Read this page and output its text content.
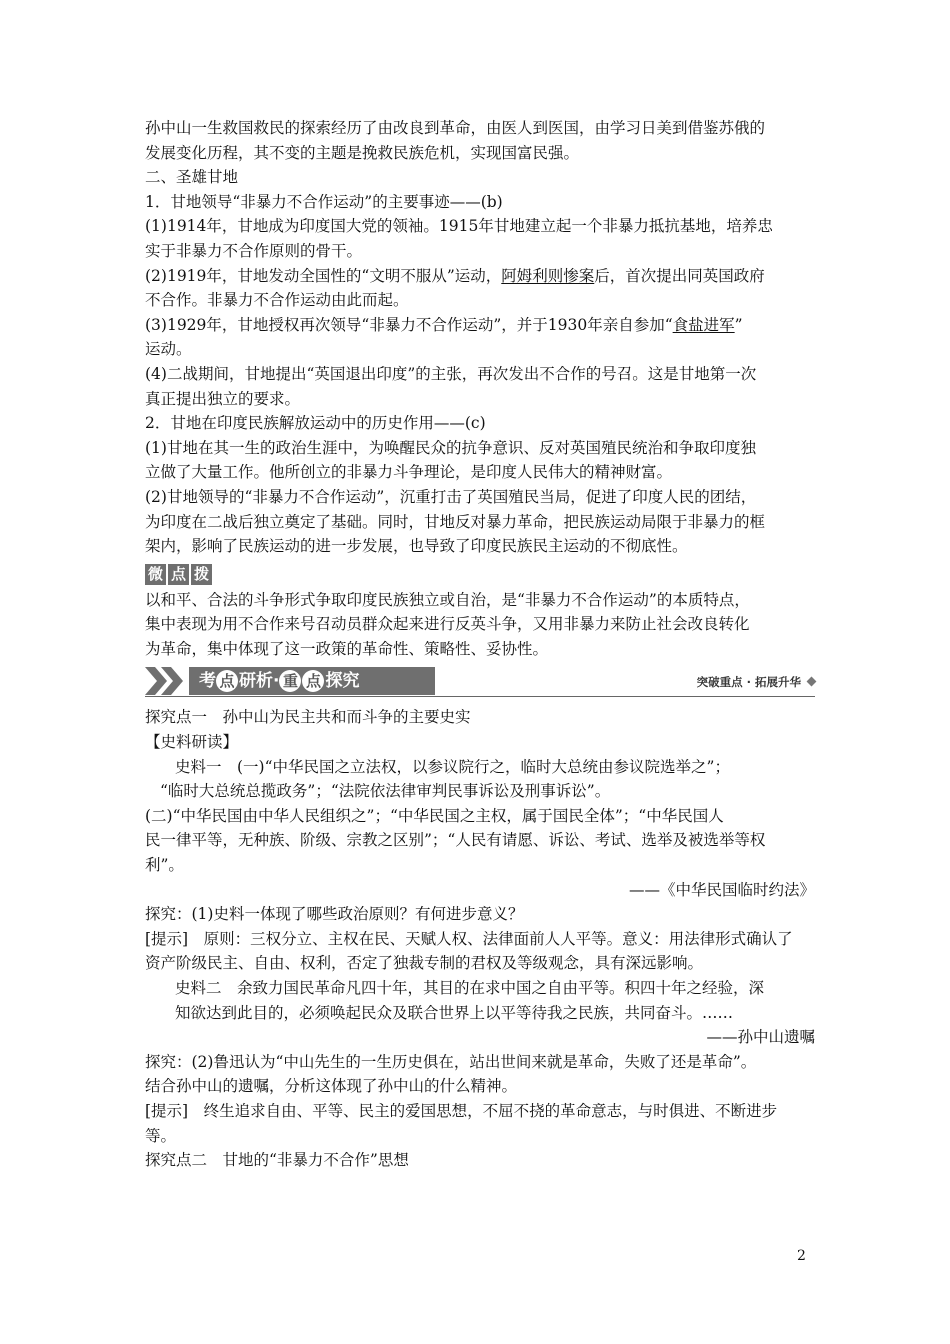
孙中山一生救国救民的探索经历了由改良到革命，由医人到医国，由学习日美到借鉴苏俄的

发展变化历程，其不变的主题是挽救民族危机，实现国富民强。

二、圣雄甘地

1．甘地领导“非暴力不合作运动”的主要事迹——(b)

(1)1914年，甘地成为印度国大党的领袖。1915年甘地建立起一个非暴力抵抗基地，培养忠

实于非暴力不合作原则的骨干。

(2)1919年，甘地发动全国性的“文明不服从”运动，阿姆利则惨案后，首次提出同英国政府

不合作。非暴力不合作运动由此而起。

(3)1929年，甘地授权再次领导“非暴力不合作运动”，并于1930年亲自参加“食盐进军”

运动。

(4)二战期间，甘地提出“英国退出印度”的主张，再次发出不合作的号召。这是甘地第一次

真正提出独立的要求。

2．甘地在印度民族解放运动中的历史作用——(c)

(1)甘地在其一生的政治生涯中，为唤醒民众的抗争意识、反对英国殖民统治和争取印度独

立做了大量工作。他所创立的非暴力斗争理论，是印度人民伟大的精神财富。

(2)甘地领导的“非暴力不合作运动”，沉重打击了英国殖民当局，促进了印度人民的团结，

为印度在二战后独立奠定了基础。同时，甘地反对暴力革命，把民族运动局限于非暴力的框

架内，影响了民族运动的进一步发展，也导致了印度民族民主运动的不彻底性。

微 点 拨

以和平、合法的斗争形式争取印度民族独立或自治，是“非暴力不合作运动”的本质特点，

集中表现为用不合作来号召动员群众起来进行反英斗争，又用非暴力来防止社会改良转化

为革命，集中体现了这一政策的革命性、策略性、妥协性。

考 点 研析· 重 点 探究	突破重点 · 拓展升华

探究点一　孙中山为民主共和而斗争的主要史实

【史料研读】

史料一　(一)“中华民国之立法权，以参议院行之，临时大总统由参议院选举之”；

“临时大总统总揽政务”；“法院依法律审判民事诉讼及刑事诉讼”。

(二)“中华民国由中华人民组织之”；“中华民国之主权，属于国民全体”；“中华民国人

民一律平等，无种族、阶级、宗教之区别”；“人民有请愿、诉讼、考试、选举及被选举等权

利”。

——《中华民国临时约法》

探究：(1)史料一体现了哪些政治原则？有何进步意义？

[提示]　原则：三权分立、主权在民、天赋人权、法律面前人人平等。意义：用法律形式确认了

资产阶级民主、自由、权利，否定了独裁专制的君权及等级观念，具有深远影响。

史料二　余致力国民革命凡四十年，其目的在求中国之自由平等。积四十年之经验，深

知欲达到此目的，必须唤起民众及联合世界上以平等待我之民族，共同奋斗。……

——孙中山遗嘱

探究：(2)鲁迅认为“中山先生的一生历史俱在，站出世间来就是革命，失败了还是革命”。

结合孙中山的遗嘱，分析这体现了孙中山的什么精神。

[提示]　终生追求自由、平等、民主的爱国思想，不屈不挠的革命意志，与时俱进、不断进步

等。

探究点二　甘地的“非暴力不合作”思想

2
